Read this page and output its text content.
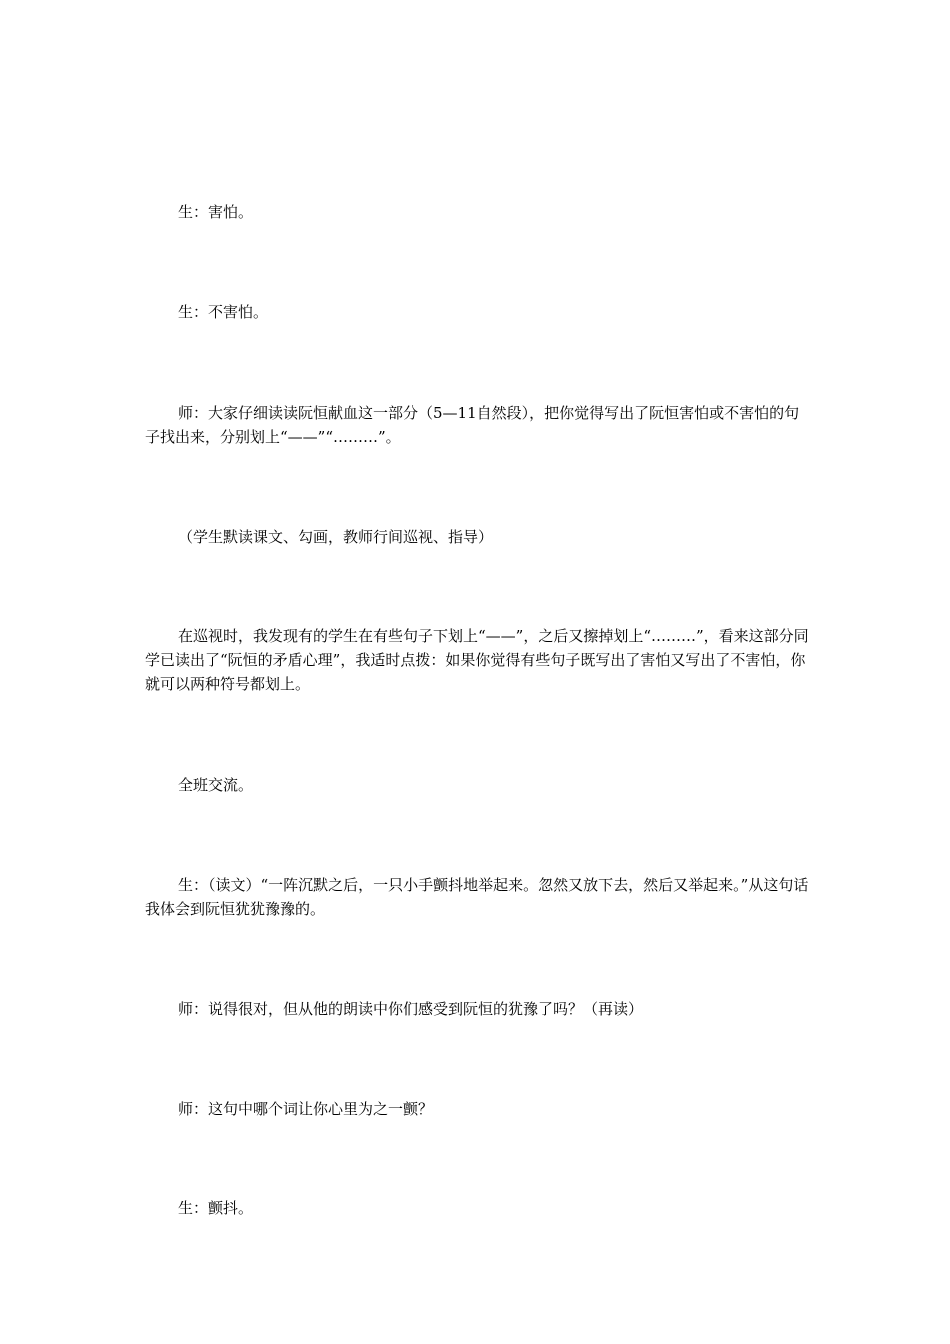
生：害怕。

生：不害怕。

师：大家仔细读读阮恒献血这一部分（5—11自然段），把你觉得写出了阮恒害怕或不害怕的句子找出来，分别划上“——”“………”。

（学生默读课文、勾画，教师行间巡视、指导）

在巡视时，我发现有的学生在有些句子下划上“——”，之后又擦掉划上“………”，看来这部分同学已读出了“阮恒的矛盾心理”，我适时点拨：如果你觉得有些句子既写出了害怕又写出了不害怕，你就可以两种符号都划上。

全班交流。

生：（读文）“一阵沉默之后，一只小手颤抖地举起来。忽然又放下去，然后又举起来。”从这句话我体会到阮恒犹犹豫豫的。

师：说得很对，但从他的朗读中你们感受到阮恒的犹豫了吗？（再读）

师：这句中哪个词让你心里为之一颤？

生：颤抖。
